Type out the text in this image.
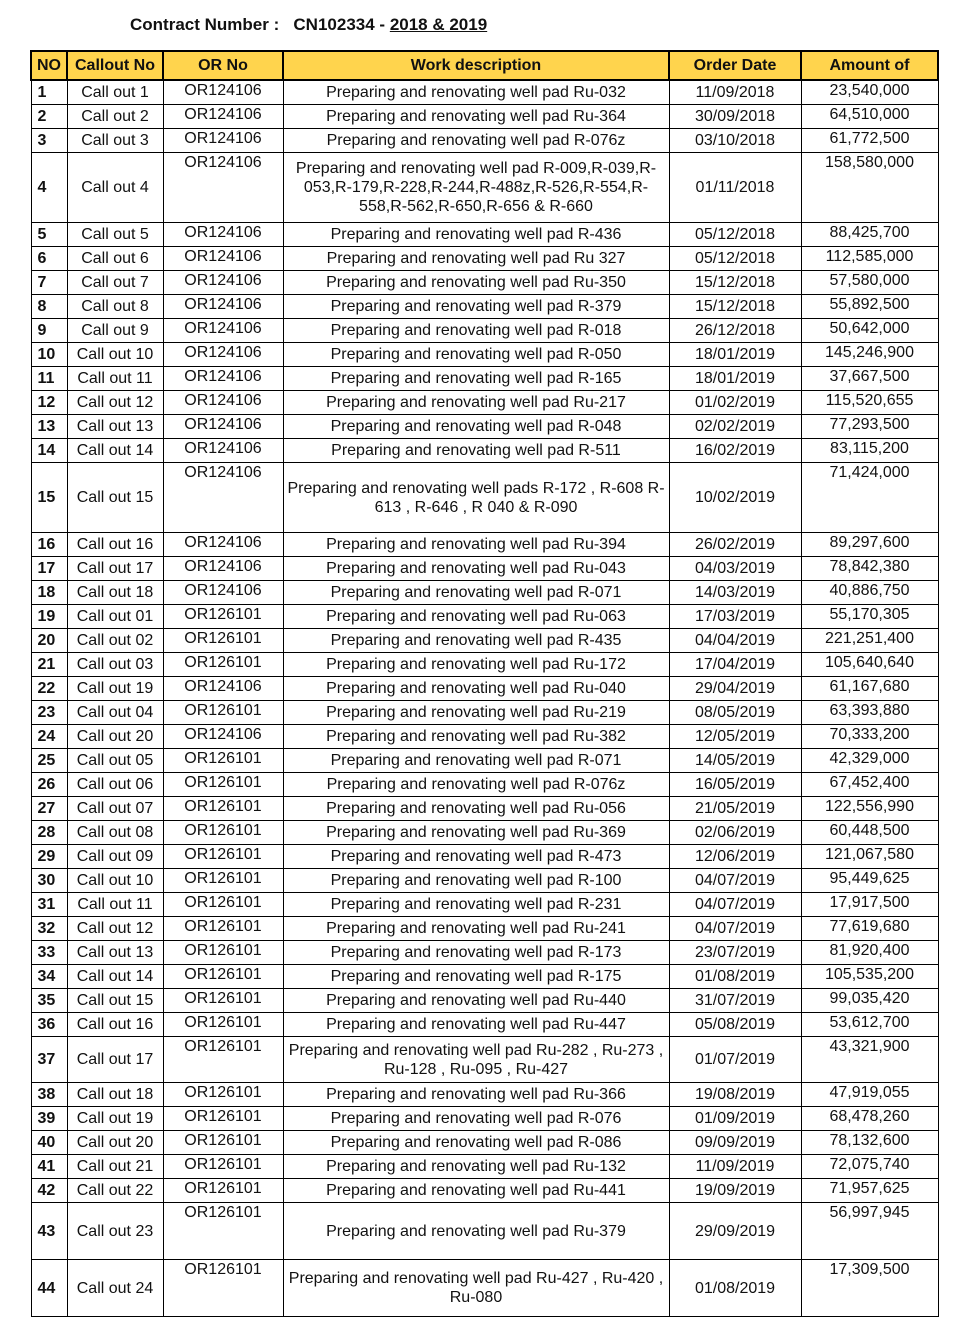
Contract Number : CN102334 - 2018 & 2019
NO	Callout No	OR No	Work description	Order Date	Amount of
1	Call out 1	OR124106	Preparing and renovating well pad Ru-032	11/09/2018	23,540,000
2	Call out 2	OR124106	Preparing and renovating well pad Ru-364	30/09/2018	64,510,000
3	Call out 3	OR124106	Preparing and renovating well pad R-076z	03/10/2018	61,772,500
4	Call out 4	OR124106	Preparing and renovating well pad R-009,R-039,R-053,R-179,R-228,R-244,R-488z,R-526,R-554,R-558,R-562,R-650,R-656 & R-660	01/11/2018	158,580,000
5	Call out 5	OR124106	Preparing and renovating well pad R-436	05/12/2018	88,425,700
6	Call out 6	OR124106	Preparing and renovating well pad Ru 327	05/12/2018	112,585,000
7	Call out 7	OR124106	Preparing and renovating well pad Ru-350	15/12/2018	57,580,000
8	Call out 8	OR124106	Preparing and renovating well pad R-379	15/12/2018	55,892,500
9	Call out 9	OR124106	Preparing and renovating well pad R-018	26/12/2018	50,642,000
10	Call out 10	OR124106	Preparing and renovating well pad R-050	18/01/2019	145,246,900
11	Call out 11	OR124106	Preparing and renovating well pad R-165	18/01/2019	37,667,500
12	Call out 12	OR124106	Preparing and renovating well pad Ru-217	01/02/2019	115,520,655
13	Call out 13	OR124106	Preparing and renovating well pad R-048	02/02/2019	77,293,500
14	Call out 14	OR124106	Preparing and renovating well pad R-511	16/02/2019	83,115,200
15	Call out 15	OR124106	Preparing and renovating well pads R-172 , R-608 R-613 , R-646 , R 040 & R-090	10/02/2019	71,424,000
16	Call out 16	OR124106	Preparing and renovating well pad Ru-394	26/02/2019	89,297,600
17	Call out 17	OR124106	Preparing and renovating well pad Ru-043	04/03/2019	78,842,380
18	Call out 18	OR124106	Preparing and renovating well pad R-071	14/03/2019	40,886,750
19	Call out 01	OR126101	Preparing and renovating well pad Ru-063	17/03/2019	55,170,305
20	Call out 02	OR126101	Preparing and renovating well pad R-435	04/04/2019	221,251,400
21	Call out 03	OR126101	Preparing and renovating well pad Ru-172	17/04/2019	105,640,640
22	Call out 19	OR124106	Preparing and renovating well pad Ru-040	29/04/2019	61,167,680
23	Call out 04	OR126101	Preparing and renovating well pad Ru-219	08/05/2019	63,393,880
24	Call out 20	OR124106	Preparing and renovating well pad Ru-382	12/05/2019	70,333,200
25	Call out 05	OR126101	Preparing and renovating well pad R-071	14/05/2019	42,329,000
26	Call out 06	OR126101	Preparing and renovating well pad R-076z	16/05/2019	67,452,400
27	Call out 07	OR126101	Preparing and renovating well pad Ru-056	21/05/2019	122,556,990
28	Call out 08	OR126101	Preparing and renovating well pad Ru-369	02/06/2019	60,448,500
29	Call out 09	OR126101	Preparing and renovating well pad R-473	12/06/2019	121,067,580
30	Call out 10	OR126101	Preparing and renovating well pad R-100	04/07/2019	95,449,625
31	Call out 11	OR126101	Preparing and renovating well pad R-231	04/07/2019	17,917,500
32	Call out 12	OR126101	Preparing and renovating well pad Ru-241	04/07/2019	77,619,680
33	Call out 13	OR126101	Preparing and renovating well pad R-173	23/07/2019	81,920,400
34	Call out 14	OR126101	Preparing and renovating well pad R-175	01/08/2019	105,535,200
35	Call out 15	OR126101	Preparing and renovating well pad Ru-440	31/07/2019	99,035,420
36	Call out 16	OR126101	Preparing and renovating well pad Ru-447	05/08/2019	53,612,700
37	Call out 17	OR126101	Preparing and renovating well pad Ru-282 , Ru-273 , Ru-128 , Ru-095 , Ru-427	01/07/2019	43,321,900
38	Call out 18	OR126101	Preparing and renovating well pad Ru-366	19/08/2019	47,919,055
39	Call out 19	OR126101	Preparing and renovating well pad R-076	01/09/2019	68,478,260
40	Call out 20	OR126101	Preparing and renovating well pad R-086	09/09/2019	78,132,600
41	Call out 21	OR126101	Preparing and renovating well pad Ru-132	11/09/2019	72,075,740
42	Call out 22	OR126101	Preparing and renovating well pad Ru-441	19/09/2019	71,957,625
43	Call out 23	OR126101	Preparing and renovating well pad Ru-379	29/09/2019	56,997,945
44	Call out 24	OR126101	Preparing and renovating well pad Ru-427 , Ru-420 , Ru-080	01/08/2019	17,309,500
